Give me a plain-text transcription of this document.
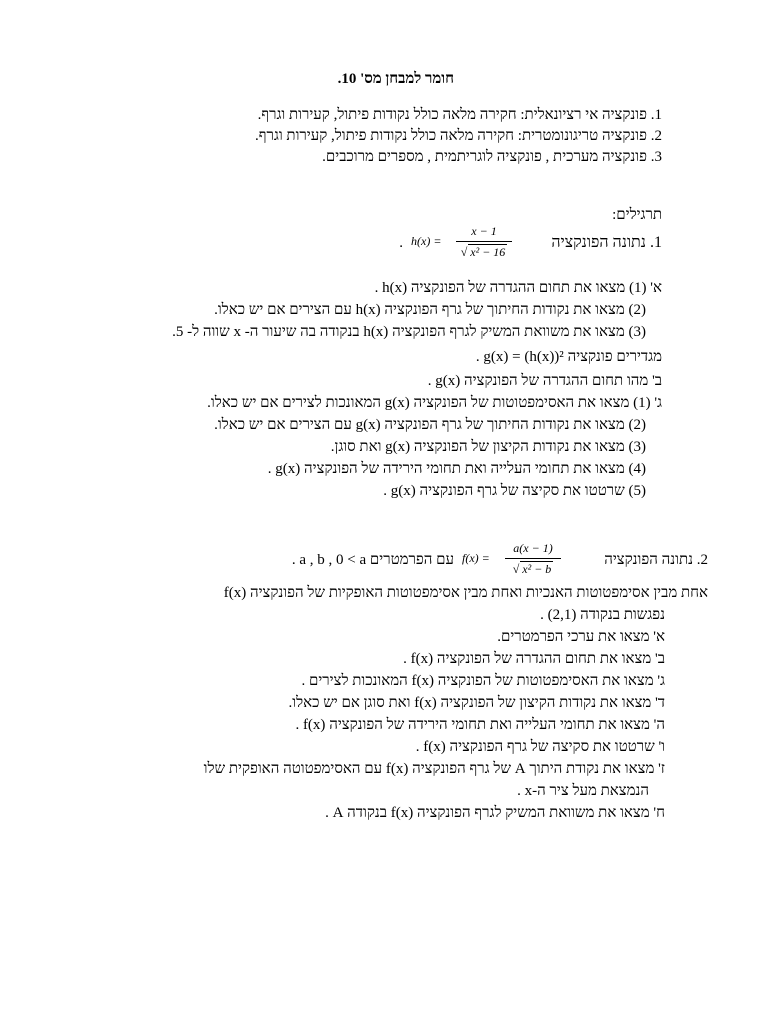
חומר למבחן מס' 10.
1. פונקציה אי רציונאלית: חקירה מלאה כולל נקודות פיתול, קעירות וגרף.
2. פונקציה טריגונומטרית: חקירה מלאה כולל נקודות פיתול, קעירות וגרף.
3. פונקציה מערכית , פונקציה לוגריתמית , מספרים מרוכבים.
תרגילים:
1. נתונה הפונקציה
h(x) =
x − 1
√ x² − 16
.
א' (1) מצאו את תחום ההגדרה של הפונקציה h(x) .
(2) מצאו את נקודות החיתוך של גרף הפונקציה h(x) עם הצירים אם יש כאלו.
(3) מצאו את משוואת המשיק לגרף הפונקציה h(x) בנקודה בה שיעור ה- x שווה ל- 5.
מגדירים פונקציה g(x) = (h(x))² .
ב' מהו תחום ההגדרה של הפונקציה g(x) .
ג' (1) מצאו את האסימפטוטות של הפונקציה g(x) המאונכות לצירים אם יש כאלו.
(2) מצאו את נקודות החיתוך של גרף הפונקציה g(x) עם הצירים אם יש כאלו.
(3) מצאו את נקודות הקיצון של הפונקציה g(x) ואת סוגן.
(4) מצאו את תחומי העלייה ואת תחומי הירידה של הפונקציה g(x) .
(5) שרטטו את סקיצה של גרף הפונקציה g(x) .
2. נתונה הפונקציה
f(x) =
a(x − 1)
√ x² − b
עם הפרמטרים a , b , 0 < a .
אחת מבין אסימפטוטות האנכיות ואחת מבין אסימפטוטות האופקיות של הפונקציה f(x)
נפגשות בנקודה (2,1) .
א' מצאו את ערכי הפרמטרים.
ב' מצאו את תחום ההגדרה של הפונקציה f(x) .
ג' מצאו את האסימפטוטות של הפונקציה f(x) המאונכות לצירים .
ד' מצאו את נקודות הקיצון של הפונקציה f(x) ואת סוגן אם יש כאלו.
ה' מצאו את תחומי העלייה ואת תחומי הירידה של הפונקציה f(x) .
ו' שרטטו את סקיצה של גרף הפונקציה f(x) .
ז' מצאו את נקודת היתוך A של גרף הפונקציה f(x) עם האסימפטוטה האופקית שלו
הנמצאת מעל ציר ה-x .
ח' מצאו את משוואת המשיק לגרף הפונקציה f(x) בנקודה A .
